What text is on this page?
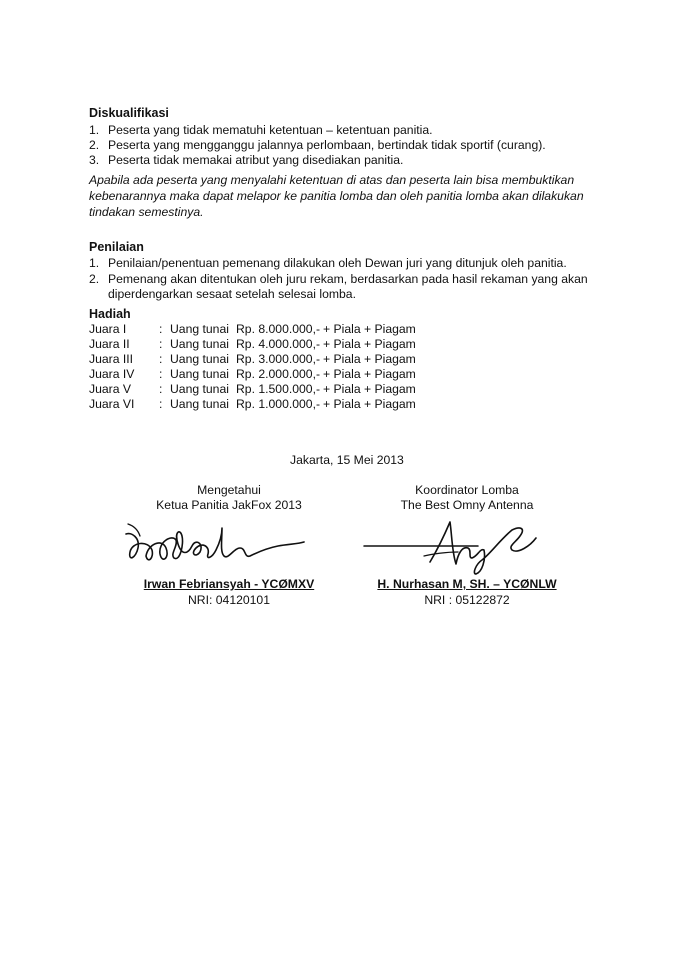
Diskualifikasi
1. Peserta yang tidak mematuhi ketentuan – ketentuan panitia.
2. Peserta yang mengganggu jalannya perlombaan, bertindak tidak sportif (curang).
3. Peserta tidak memakai atribut yang disediakan panitia.
Apabila ada peserta yang menyalahi ketentuan di atas dan peserta lain bisa membuktikan
kebenarannya maka dapat melapor ke panitia lomba dan oleh panitia lomba akan dilakukan
tindakan semestinya.
Penilaian
1. Penilaian/penentuan pemenang dilakukan oleh Dewan juri yang ditunjuk oleh panitia.
2. Pemenang akan ditentukan oleh juru rekam, berdasarkan pada hasil rekaman yang akan
diperdengarkan sesaat setelah selesai lomba.
Hadiah
Juara I	: Uang tunai Rp. 8.000.000,- + Piala + Piagam
Juara II : Uang tunai Rp. 4.000.000,- + Piala + Piagam
Juara III : Uang tunai Rp. 3.000.000,- + Piala + Piagam
Juara IV : Uang tunai Rp. 2.000.000,- + Piala + Piagam
Juara V : Uang tunai Rp. 1.500.000,- + Piala + Piagam
Juara VI : Uang tunai Rp. 1.000.000,- + Piala + Piagam
Jakarta, 15 Mei 2013
Mengetahui
Ketua Panitia JakFox 2013
Irwan Febriansyah - YCØMXV
NRI: 04120101
Koordinator Lomba
The Best Omny Antenna
H. Nurhasan M, SH. – YCØNLW
NRI : 05122872
